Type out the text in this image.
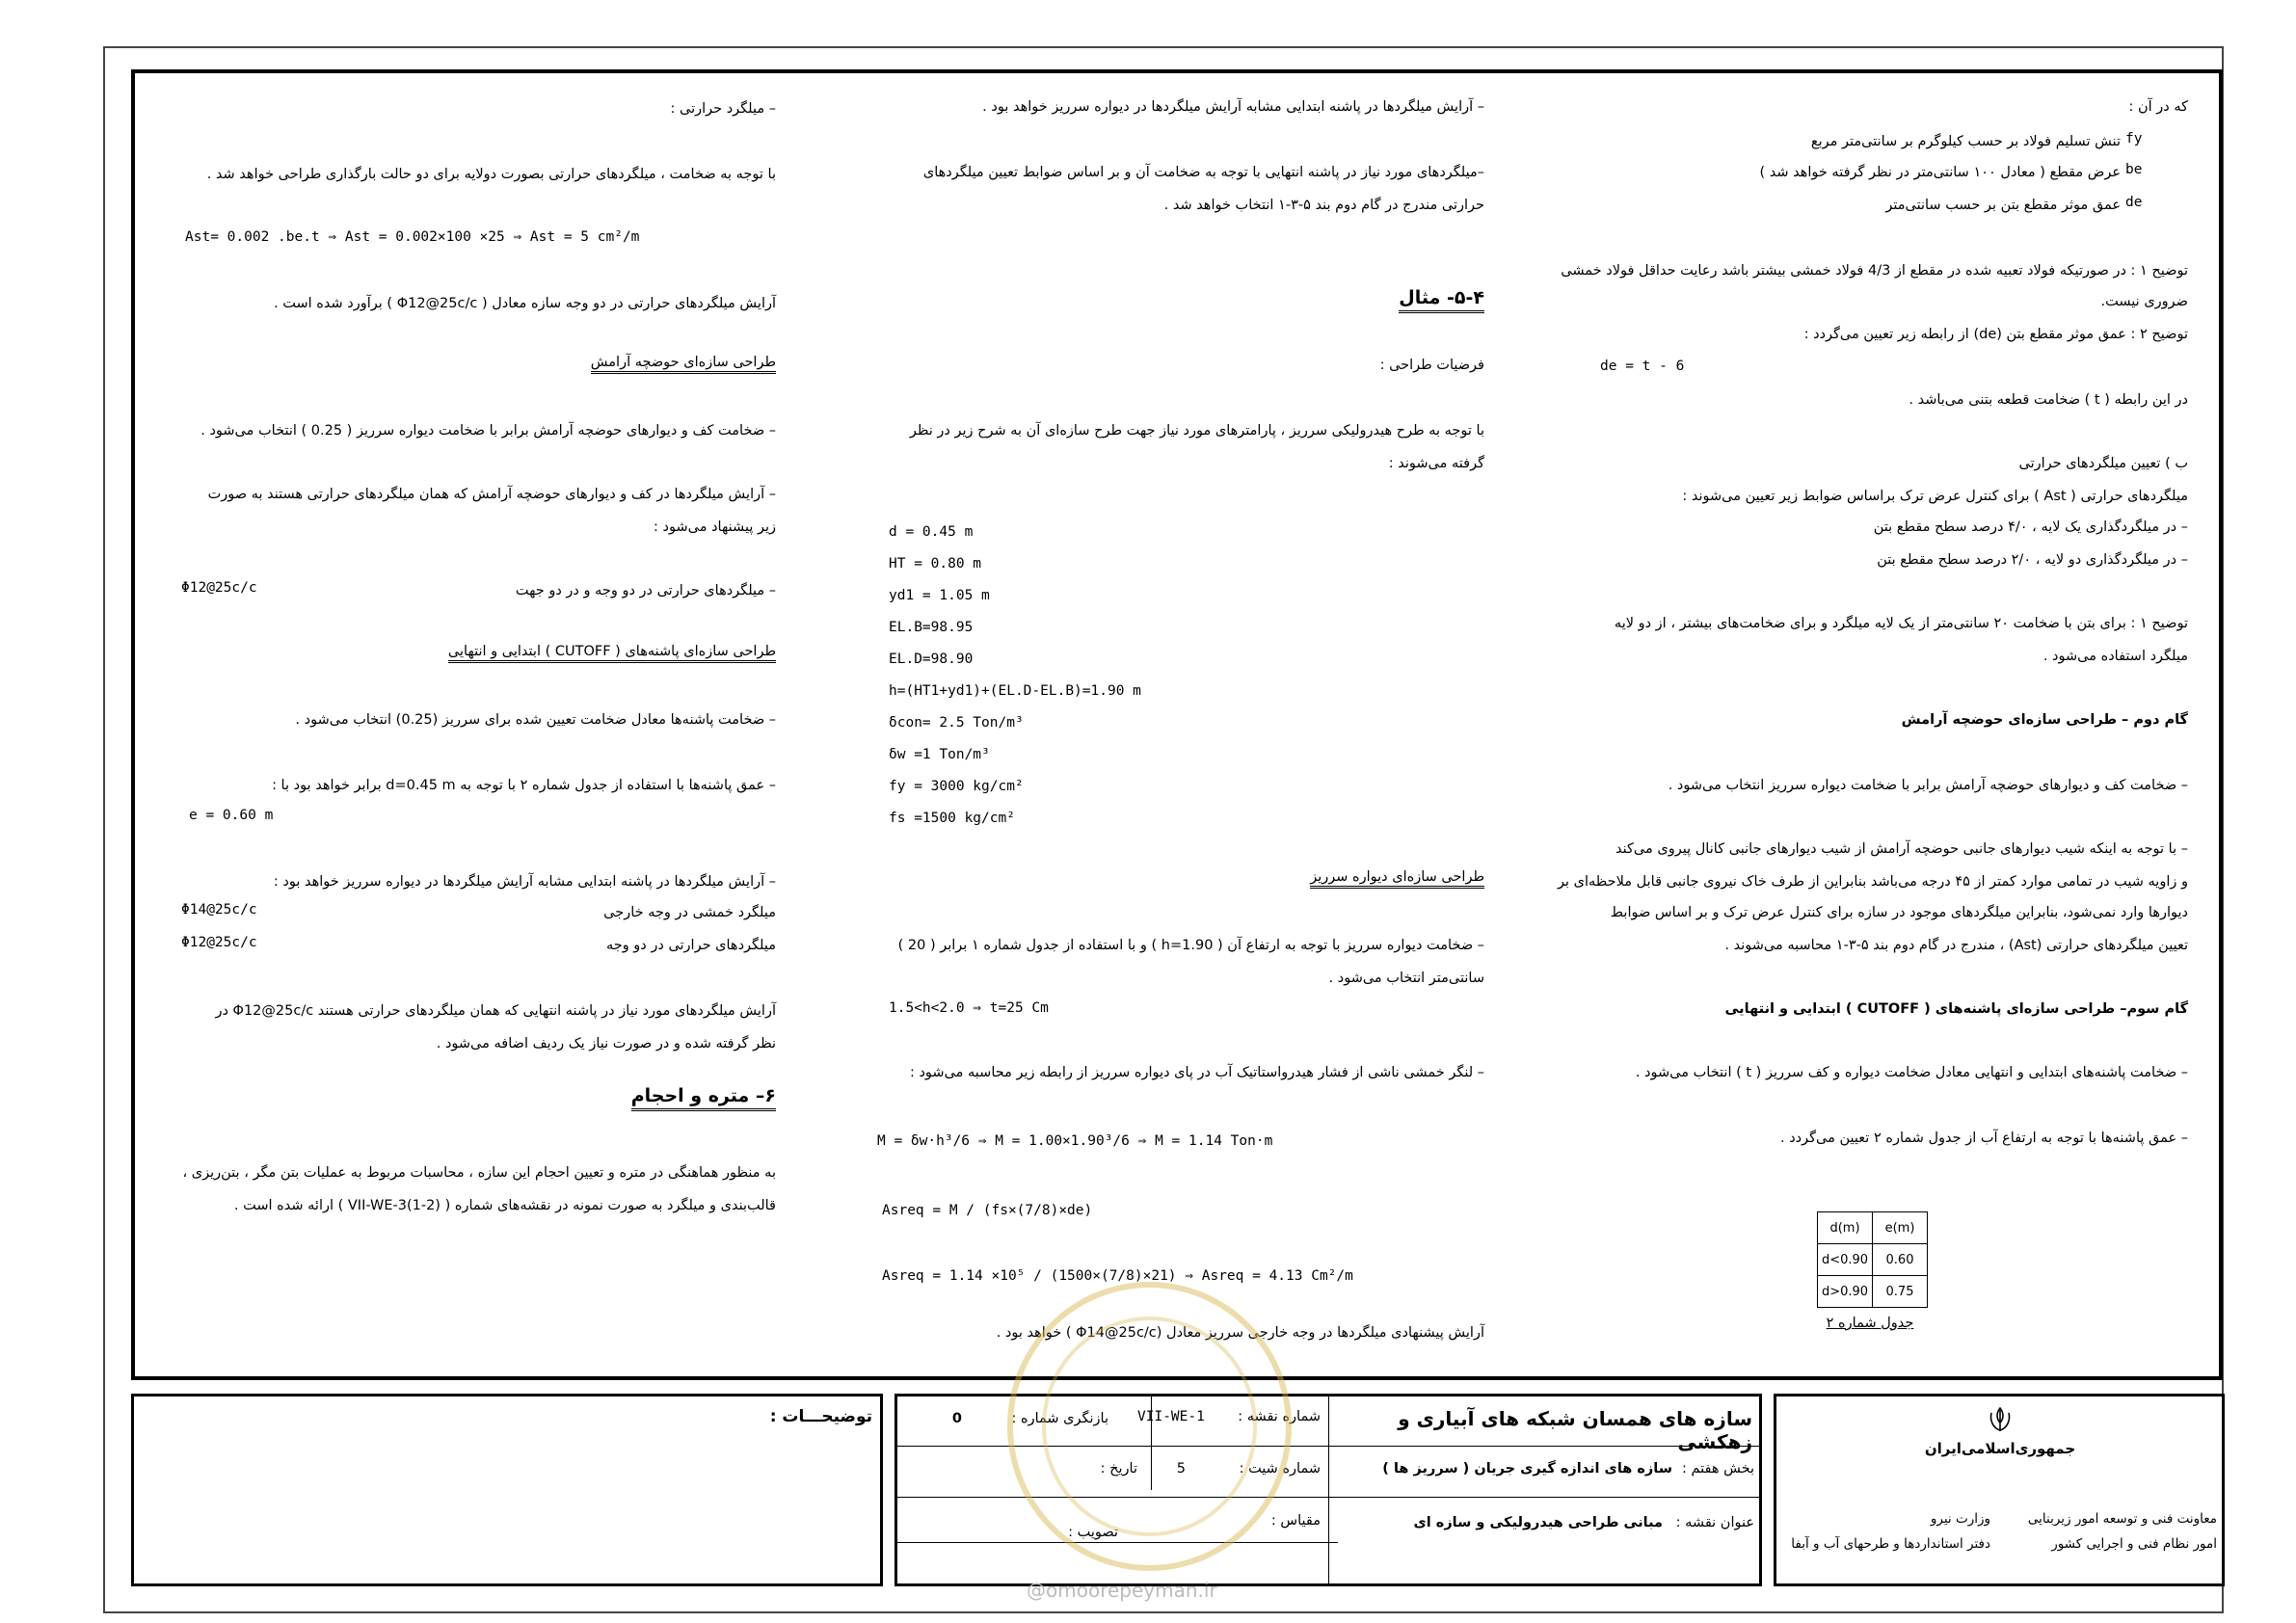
که در آن :
تنش تسلیم فولاد بر حسب کیلوگرم بر سانتی‌متر مربع fy
عرض مقطع ( معادل ۱۰۰ سانتی‌متر در نظر گرفته خواهد شد ) be
عمق موثر مقطع بتن بر حسب سانتی‌متر de
توضیح ۱ : در صورتیکه فولاد تعبیه شده در مقطع از 4/3 فولاد خمشی بیشتر باشد رعایت حداقل فولاد خمشی
ضروری نیست.
توضیح ۲ : عمق موثر مقطع بتن (de) از رابطه زیر تعیین می‌گردد :
de = t - 6
در این رابطه ( t ) ضخامت قطعه بتنی می‌باشد .
ب ) تعیین میلگردهای حرارتی
میلگردهای حرارتی ( Ast ) برای کنترل عرض ترک براساس ضوابط زیر تعیین می‌شوند :
– در میلگردگذاری یک لایه ، ۴/۰ درصد سطح مقطع بتن
– در میلگردگذاری دو لایه ، ۲/۰ درصد سطح مقطع بتن
توضیح ۱ : برای بتن با ضخامت ۲۰ سانتی‌متر از یک لایه میلگرد و برای ضخامت‌های بیشتر ، از دو لایه
میلگرد استفاده می‌شود .
گام دوم – طراحی سازه‌ای حوضچه آرامش
– ضخامت کف و دیوارهای حوضچه آرامش برابر با ضخامت دیواره سرریز انتخاب می‌شود .
– با توجه به اینکه شیب دیوارهای جانبی حوضچه آرامش از شیب دیوارهای جانبی کانال پیروی می‌کند
و زاویه شیب در تمامی موارد کمتر از ۴۵ درجه می‌باشد بنابراین از طرف خاک نیروی جانبی قابل ملاحظه‌ای بر
دیوارها وارد نمی‌شود، بنابراین میلگردهای موجود در سازه برای کنترل عرض ترک و بر اساس ضوابط
تعیین میلگردهای حرارتی (Ast) ، مندرج در گام دوم بند ۵-۳-۱ محاسبه می‌شوند .
گام سوم– طراحی سازه‌ای پاشنه‌های ( CUTOFF ) ابتدایی و انتهایی
– ضخامت پاشنه‌های ابتدایی و انتهایی معادل ضخامت دیواره و کف سرریز ( t ) انتخاب می‌شود .
– عمق پاشنه‌ها با توجه به ارتفاع آب از جدول شماره ۲ تعیین می‌گردد .
d(m)	e(m)
d<0.90	0.60
d>0.90	0.75
جدول شماره ۲
– آرایش میلگردها در پاشنه ابتدایی مشابه آرایش میلگردها در دیواره سرریز خواهد بود .
–میلگردهای مورد نیاز در پاشنه انتهایی با توجه به ضخامت آن و بر اساس ضوابط تعیین میلگردهای
حرارتی مندرج در گام دوم بند ۵-۳-۱ انتخاب خواهد شد .
۵-۴- مثال
فرضیات طراحی :
با توجه به طرح هیدرولیکی سرریز ، پارامترهای مورد نیاز جهت طرح سازه‌ای آن به شرح زیر در نظر
گرفته می‌شوند :
d = 0.45 m
HT = 0.80 m
yd1 = 1.05 m
EL.B=98.95
EL.D=98.90
h=(HT1+yd1)+(EL.D-EL.B)=1.90 m
δcon= 2.5 Ton/m³
δw =1 Ton/m³
fy = 3000 kg/cm²
fs =1500 kg/cm²
طراحی سازه‌ای دیواره سرریز
– ضخامت دیواره سرریز با توجه به ارتفاع آن ( h=1.90 ) و با استفاده از جدول شماره ۱ برابر ( 20 )
سانتی‌متر انتخاب می‌شود .
1.5<h<2.0 ⇒ t=25 Cm
– لنگر خمشی ناشی از فشار هیدرواستاتیک آب در پای دیواره سرریز از رابطه زیر محاسبه می‌شود :
M = δw·h³/6 ⇒ M = 1.00×1.90³/6 ⇒ M = 1.14 Ton·m
Asreq = M / (fs×(7/8)×de)
Asreq = 1.14 ×10⁵ / (1500×(7/8)×21) ⇒ Asreq = 4.13 Cm²/m
آرایش پیشنهادی میلگردها در وجه خارجی سرریز معادل (Φ14@25c/c ) خواهد بود .
– میلگرد حرارتی :
با توجه به ضخامت ، میلگردهای حرارتی بصورت دولایه برای دو حالت بارگذاری طراحی خواهد شد .
Ast= 0.002 .be.t ⇒ Ast = 0.002×100 ×25 ⇒ Ast = 5 cm²/m
آرایش میلگردهای حرارتی در دو وجه سازه معادل ( Φ12@25c/c ) برآورد شده است .
طراحی سازه‌ای حوضچه آرامش
– ضخامت کف و دیوارهای حوضچه آرامش برابر با ضخامت دیواره سرریز ( 0.25 ) انتخاب می‌شود .
– آرایش میلگردها در کف و دیوارهای حوضچه آرامش که همان میلگردهای حرارتی هستند به صورت
زیر پیشنهاد می‌شود :
– میلگردهای حرارتی در دو وجه و در دو جهت
Φ12@25c/c
طراحی سازه‌ای پاشنه‌های ( CUTOFF ) ابتدایی و انتهایی
– ضخامت پاشنه‌ها معادل ضخامت تعیین شده برای سرریز (0.25) انتخاب می‌شود .
– عمق پاشنه‌ها با استفاده از جدول شماره ۲ با توجه به d=0.45 m برابر خواهد بود با :
e = 0.60 m
– آرایش میلگردها در پاشنه ابتدایی مشابه آرایش میلگردها در دیواره سرریز خواهد بود :
میلگرد خمشی در وجه خارجی
Φ14@25c/c
میلگردهای حرارتی در دو وجه
Φ12@25c/c
آرایش میلگردهای مورد نیاز در پاشنه انتهایی که همان میلگردهای حرارتی هستند Φ12@25c/c در
نظر گرفته شده و در صورت نیاز یک ردیف اضافه می‌شود .
۶– متره و احجام
به منظور هماهنگی در متره و تعیین احجام این سازه ، محاسبات مربوط به عملیات بتن مگر ، بتن‌ریزی ،
قالب‌بندی و میلگرد به صورت نمونه در نقشه‌های شماره ( VII-WE-3(1-2) ) ارائه شده است .
توضیحـــات :	سازه های همسان شبکه های آبیاری و زهکشی
بخش هفتم :
سازه های اندازه گیری جریان ( سرریز ها )
عنوان نقشه :
مبانی طراحی هیدرولیکی و سازه ای
شماره نقشه :
VII-WE-1
بازنگری شماره :
0
شماره شیت :
5
تاریخ :
مقیاس :
تصویب :
جمهوری‌اسلامی‌ایران
معاونت فنی و توسعه امور زیربنایی
امور نظام فنی و اجرایی کشور
وزارت نیرو
دفتر استانداردها و طرحهای آب و آبفا
@omoorepeyman.ir
